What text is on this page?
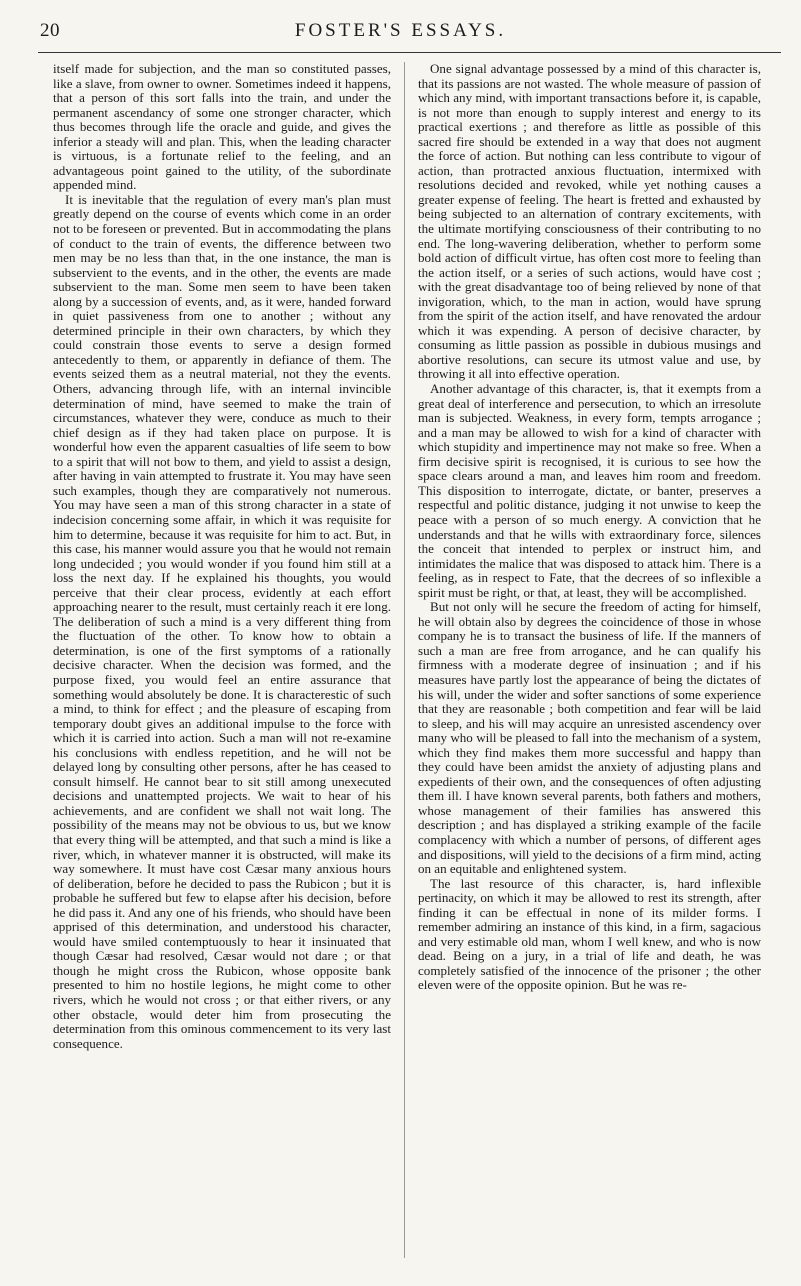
20	FOSTER'S ESSAYS.

itself made for subjection, and the man so constituted passes, like a slave, from owner to owner. Sometimes indeed it happens, that a person of this sort falls into the train, and under the permanent ascendancy of some one stronger character, which thus becomes through life the oracle and guide, and gives the inferior a steady will and plan. This, when the leading character is virtuous, is a fortunate relief to the feeling, and an advantageous point gained to the utility, of the subordinate appended mind.

It is inevitable that the regulation of every man's plan must greatly depend on the course of events which come in an order not to be foreseen or prevented. But in accommodating the plans of conduct to the train of events, the difference between two men may be no less than that, in the one instance, the man is subservient to the events, and in the other, the events are made subservient to the man. Some men seem to have been taken along by a succession of events, and, as it were, handed forward in quiet passiveness from one to another ; without any determined principle in their own characters, by which they could constrain those events to serve a design formed antecedently to them, or apparently in defiance of them. The events seized them as a neutral material, not they the events. Others, advancing through life, with an internal invincible determination of mind, have seemed to make the train of circumstances, whatever they were, conduce as much to their chief design as if they had taken place on purpose. It is wonderful how even the apparent casualties of life seem to bow to a spirit that will not bow to them, and yield to assist a design, after having in vain attempted to frustrate it. You may have seen such examples, though they are comparatively not numerous. You may have seen a man of this strong character in a state of indecision concerning some affair, in which it was requisite for him to determine, because it was requisite for him to act. But, in this case, his manner would assure you that he would not remain long undecided ; you would wonder if you found him still at a loss the next day. If he explained his thoughts, you would perceive that their clear process, evidently at each effort approaching nearer to the result, must certainly reach it ere long. The deliberation of such a mind is a very different thing from the fluctuation of the other. To know how to obtain a determination, is one of the first symptoms of a rationally decisive character. When the decision was formed, and the purpose fixed, you would feel an entire assurance that something would absolutely be done. It is characterestic of such a mind, to think for effect ; and the pleasure of escaping from temporary doubt gives an additional impulse to the force with which it is carried into action. Such a man will not re-examine his conclusions with endless repetition, and he will not be delayed long by consulting other persons, after he has ceased to consult himself. He cannot bear to sit still among unexecuted decisions and unattempted projects. We wait to hear of his achievements, and are confident we shall not wait long. The possibility of the means may not be obvious to us, but we know that every thing will be attempted, and that such a mind is like a river, which, in whatever manner it is obstructed, will make its way somewhere. It must have cost Cæsar many anxious hours of deliberation, before he decided to pass the Rubicon ; but it is probable he suffered but few to elapse after his decision, before he did pass it. And any one of his friends, who should have been apprised of this determination, and understood his character, would have smiled contemptuously to hear it insinuated that though Cæsar had resolved, Cæsar would not dare ; or that though he might cross the Rubicon, whose opposite bank presented to him no hostile legions, he might come to other rivers, which he would not cross ; or that either rivers, or any other obstacle, would deter him from prosecuting the determination from this ominous commencement to its very last consequence.

One signal advantage possessed by a mind of this character is, that its passions are not wasted. The whole measure of passion of which any mind, with important transactions before it, is capable, is not more than enough to supply interest and energy to its practical exertions ; and therefore as little as possible of this sacred fire should be extended in a way that does not augment the force of action. But nothing can less contribute to vigour of action, than protracted anxious fluctuation, intermixed with resolutions decided and revoked, while yet nothing causes a greater expense of feeling. The heart is fretted and exhausted by being subjected to an alternation of contrary excitements, with the ultimate mortifying consciousness of their contributing to no end. The long-wavering deliberation, whether to perform some bold action of difficult virtue, has often cost more to feeling than the action itself, or a series of such actions, would have cost ; with the great disadvantage too of being relieved by none of that invigoration, which, to the man in action, would have sprung from the spirit of the action itself, and have renovated the ardour which it was expending. A person of decisive character, by consuming as little passion as possible in dubious musings and abortive resolutions, can secure its utmost value and use, by throwing it all into effective operation.

Another advantage of this character, is, that it exempts from a great deal of interference and persecution, to which an irresolute man is subjected. Weakness, in every form, tempts arrogance ; and a man may be allowed to wish for a kind of character with which stupidity and impertinence may not make so free. When a firm decisive spirit is recognised, it is curious to see how the space clears around a man, and leaves him room and freedom. This disposition to interrogate, dictate, or banter, preserves a respectful and politic distance, judging it not unwise to keep the peace with a person of so much energy. A conviction that he understands and that he wills with extraordinary force, silences the conceit that intended to perplex or instruct him, and intimidates the malice that was disposed to attack him. There is a feeling, as in respect to Fate, that the decrees of so inflexible a spirit must be right, or that, at least, they will be accomplished.

But not only will he secure the freedom of acting for himself, he will obtain also by degrees the coincidence of those in whose company he is to transact the business of life. If the manners of such a man are free from arrogance, and he can qualify his firmness with a moderate degree of insinuation ; and if his measures have partly lost the appearance of being the dictates of his will, under the wider and softer sanctions of some experience that they are reasonable ; both competition and fear will be laid to sleep, and his will may acquire an unresisted ascendency over many who will be pleased to fall into the mechanism of a system, which they find makes them more successful and happy than they could have been amidst the anxiety of adjusting plans and expedients of their own, and the consequences of often adjusting them ill. I have known several parents, both fathers and mothers, whose management of their families has answered this description ; and has displayed a striking example of the facile complacency with which a number of persons, of different ages and dispositions, will yield to the decisions of a firm mind, acting on an equitable and enlightened system.

The last resource of this character, is, hard inflexible pertinacity, on which it may be allowed to rest its strength, after finding it can be effectual in none of its milder forms. I remember admiring an instance of this kind, in a firm, sagacious and very estimable old man, whom I well knew, and who is now dead. Being on a jury, in a trial of life and death, he was completely satisfied of the innocence of the prisoner ; the other eleven were of the opposite opinion. But he was re-
